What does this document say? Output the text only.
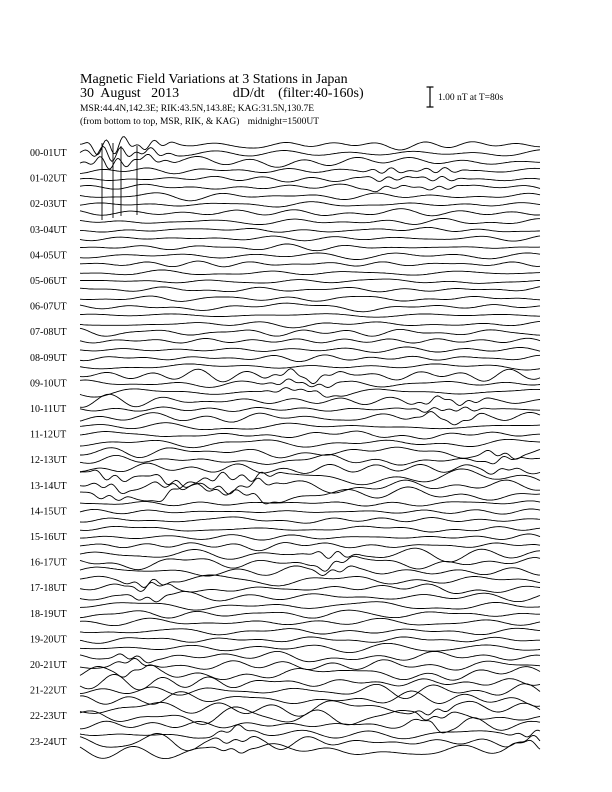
Magnetic Field Variations at 3 Stations in Japan
30  August   2013	dD/dt (filter:40-160s)
MSR:44.4N,142.3E; RIK:43.5N,143.8E; KAG:31.5N,130.7E
(from bottom to top, MSR, RIK, & KAG) midnight=1500UT
1.00 nT at T=80s
00-01UT
01-02UT
02-03UT
03-04UT
04-05UT
05-06UT
06-07UT
07-08UT
08-09UT
09-10UT
10-11UT
11-12UT
12-13UT
13-14UT
14-15UT
15-16UT
16-17UT
17-18UT
18-19UT
19-20UT
20-21UT
21-22UT
22-23UT
23-24UT
